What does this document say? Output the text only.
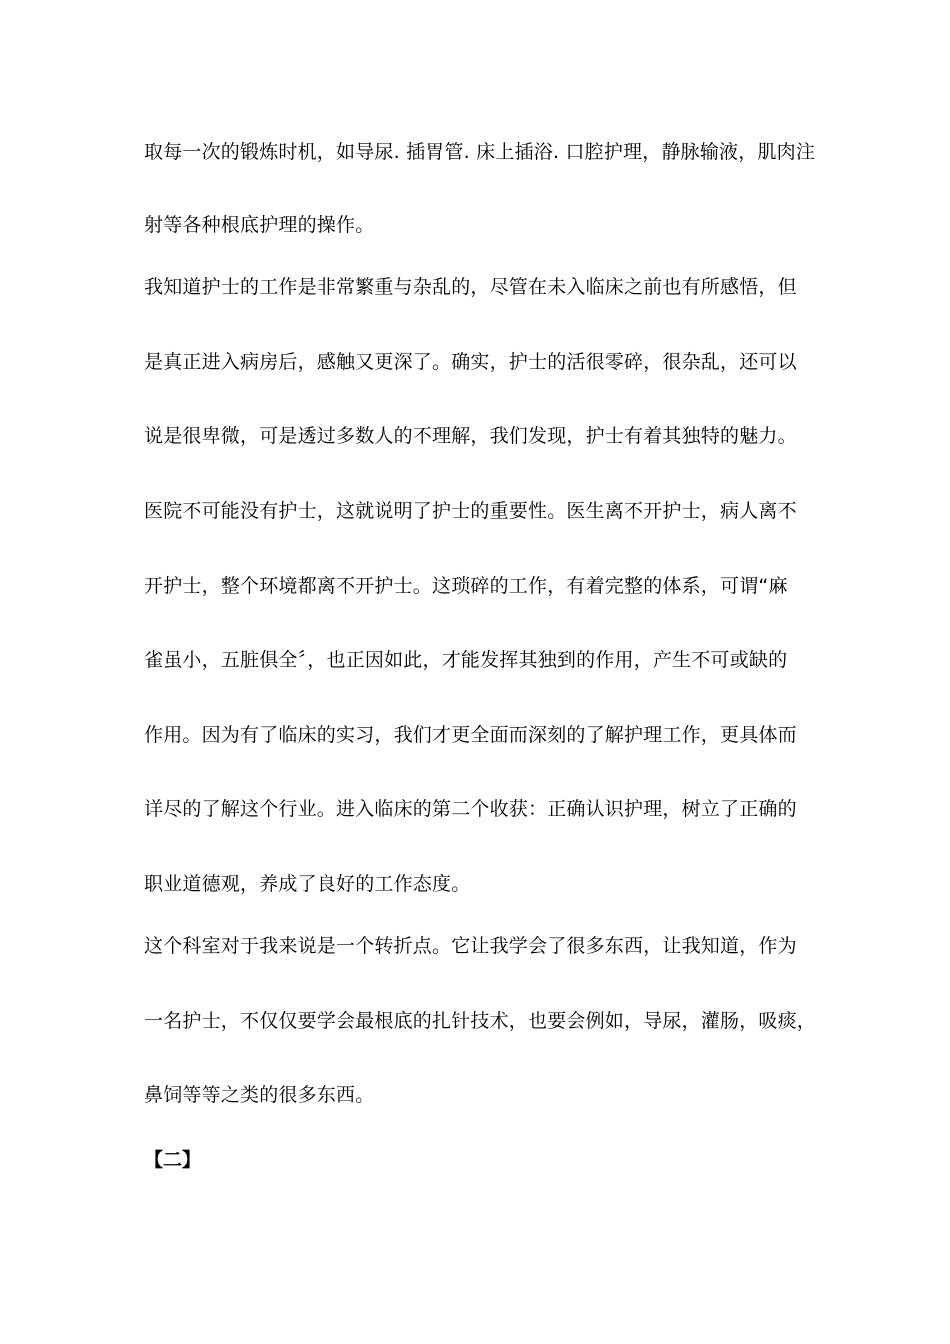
取每一次的锻炼时机，如导尿. 插胃管. 床上插浴. 口腔护理，静脉输液，肌肉注
射等各种根底护理的操作。
我知道护士的工作是非常繁重与杂乱的，尽管在未入临床之前也有所感悟，但
是真正进入病房后，感触又更深了。确实，护士的活很零碎，很杂乱，还可以
说是很卑微，可是透过多数人的不理解，我们发现，护士有着其独特的魅力。
医院不可能没有护士，这就说明了护士的重要性。医生离不开护士，病人离不
开护士，整个环境都离不开护士。这琐碎的工作，有着完整的体系，可谓“麻
雀虽小，五脏俱全〞，也正因如此，才能发挥其独到的作用，产生不可或缺的
作用。因为有了临床的实习，我们才更全面而深刻的了解护理工作，更具体而
详尽的了解这个行业。进入临床的第二个收获：正确认识护理，树立了正确的
职业道德观，养成了良好的工作态度。
这个科室对于我来说是一个转折点。它让我学会了很多东西，让我知道，作为
一名护士，不仅仅要学会最根底的扎针技术，也要会例如，导尿，灌肠，吸痰，
鼻饲等等之类的很多东西。
【二】
